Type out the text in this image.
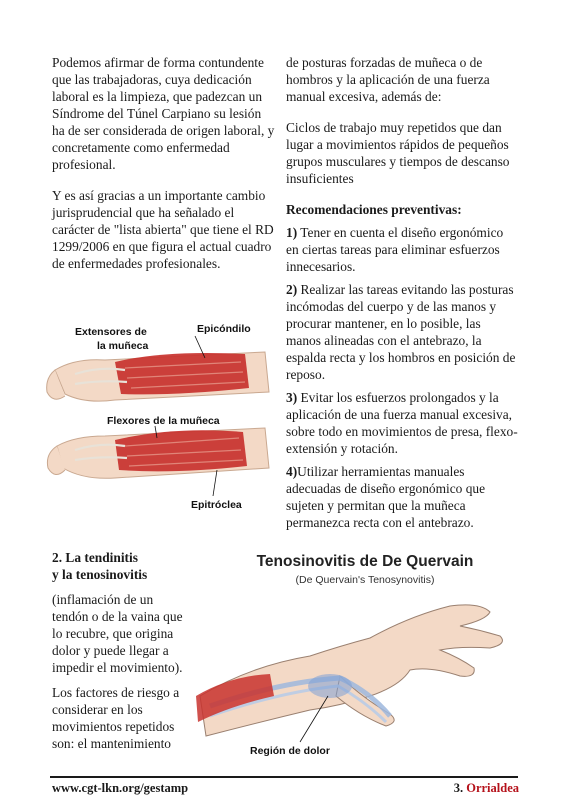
Podemos afirmar de forma contundente que las trabajadoras, cuya dedicación laboral es la limpieza, que padezcan un Síndrome del Túnel Carpiano su lesión ha de ser considerada de origen laboral, y concretamente como enfermedad profesional.

Y es así gracias a un importante cambio jurisprudencial que ha señalado el carácter de "lista abierta" que tiene el RD 1299/2006 en que figura el actual cuadro de enfermedades profesionales.

Extensores de
la muñeca
Epicóndilo
Flexores de la muñeca
Epitróclea

de posturas forzadas de muñeca o de hombros y la aplicación de una fuerza manual excesiva, además de:

Ciclos de trabajo muy repetidos que dan lugar a movimientos rápidos de pequeños grupos musculares y tiempos de descanso insuficientes

Recomendaciones preventivas:

1) Tener en cuenta el diseño ergonómico en ciertas tareas para eliminar esfuerzos innecesarios.

2) Realizar las tareas evitando las posturas incómodas del cuerpo y de las manos y procurar mantener, en lo posible, las manos alineadas con el antebrazo, la espalda recta y los hombros en posición de reposo.

3) Evitar los esfuerzos prolongados y la aplicación de una fuerza manual excesiva, sobre todo en movimientos de presa, flexo-extensión y rotación.

4)Utilizar herramientas manuales adecuadas de diseño ergonómico que sujeten y permitan que la muñeca permanezca recta con el antebrazo.

2. La tendinitis
y la tenosinovitis

(inflamación de un tendón o de la vaina que lo recubre, que origina dolor y puede llegar a impedir el movimiento).

Los factores de riesgo a considerar en los movimientos repetidos son: el mantenimiento

Tenosinovitis de De Quervain
(De Quervain's Tenosynovitis)
Región de dolor
www.cgt-lkn.org/gestamp	3. Orrialdea
